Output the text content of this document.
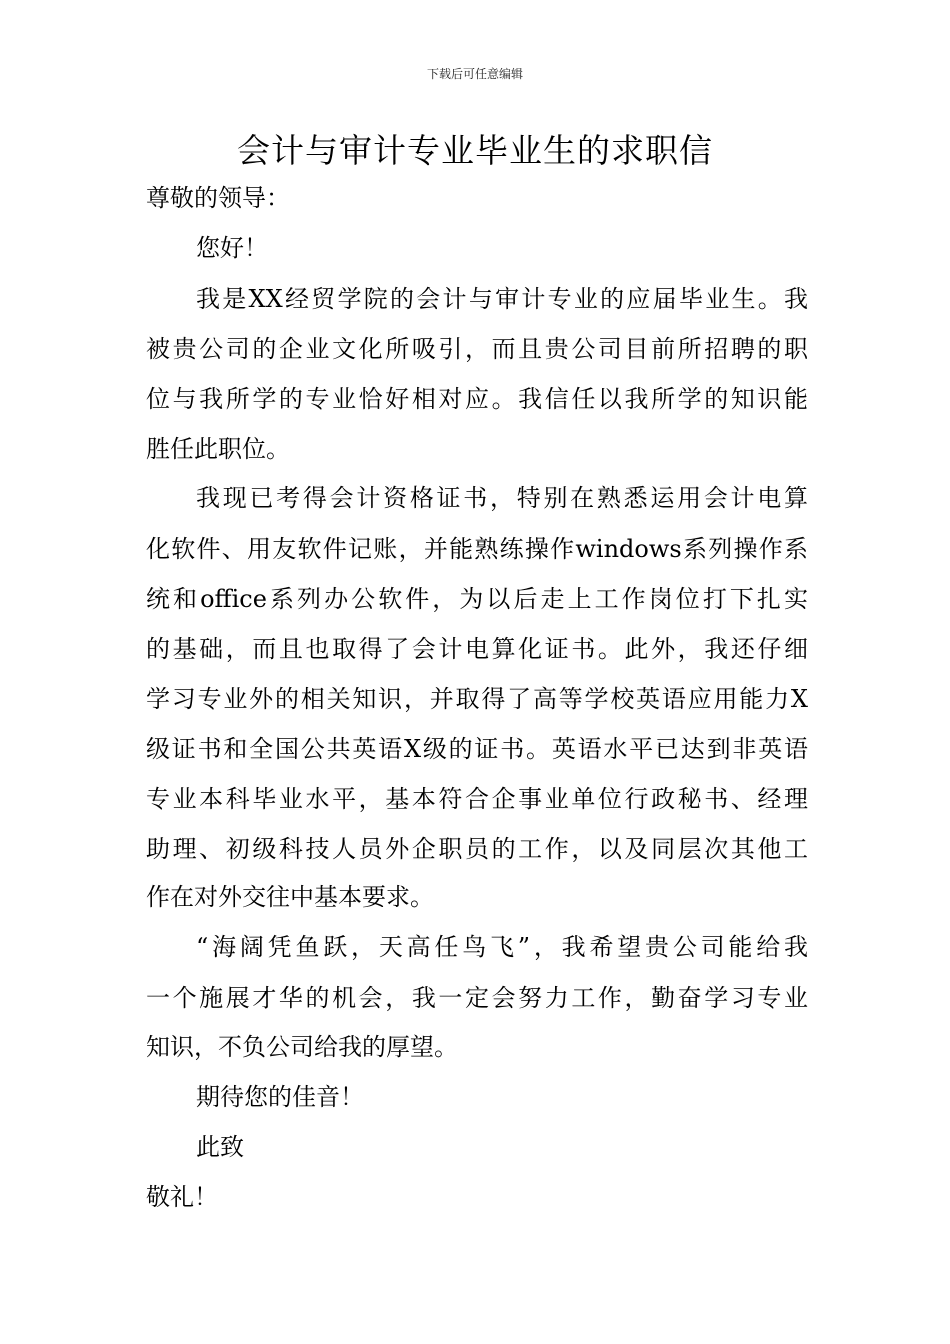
下载后可任意编辑
会计与审计专业毕业生的求职信
尊敬的领导：
您好！
我是XX经贸学院的会计与审计专业的应届毕业生。我
被贵公司的企业文化所吸引，而且贵公司目前所招聘的职
位与我所学的专业恰好相对应。我信任以我所学的知识能
胜任此职位。
我现已考得会计资格证书，特别在熟悉运用会计电算
化软件、用友软件记账，并能熟练操作windows系列操作系
统和office系列办公软件，为以后走上工作岗位打下扎实
的基础，而且也取得了会计电算化证书。此外，我还仔细
学习专业外的相关知识，并取得了高等学校英语应用能力X
级证书和全国公共英语X级的证书。英语水平已达到非英语
专业本科毕业水平，基本符合企事业单位行政秘书、经理
助理、初级科技人员外企职员的工作，以及同层次其他工
作在对外交往中基本要求。
“海阔凭鱼跃，天高任鸟飞”，我希望贵公司能给我
一个施展才华的机会，我一定会努力工作，勤奋学习专业
知识，不负公司给我的厚望。
期待您的佳音！
此致
敬礼！
